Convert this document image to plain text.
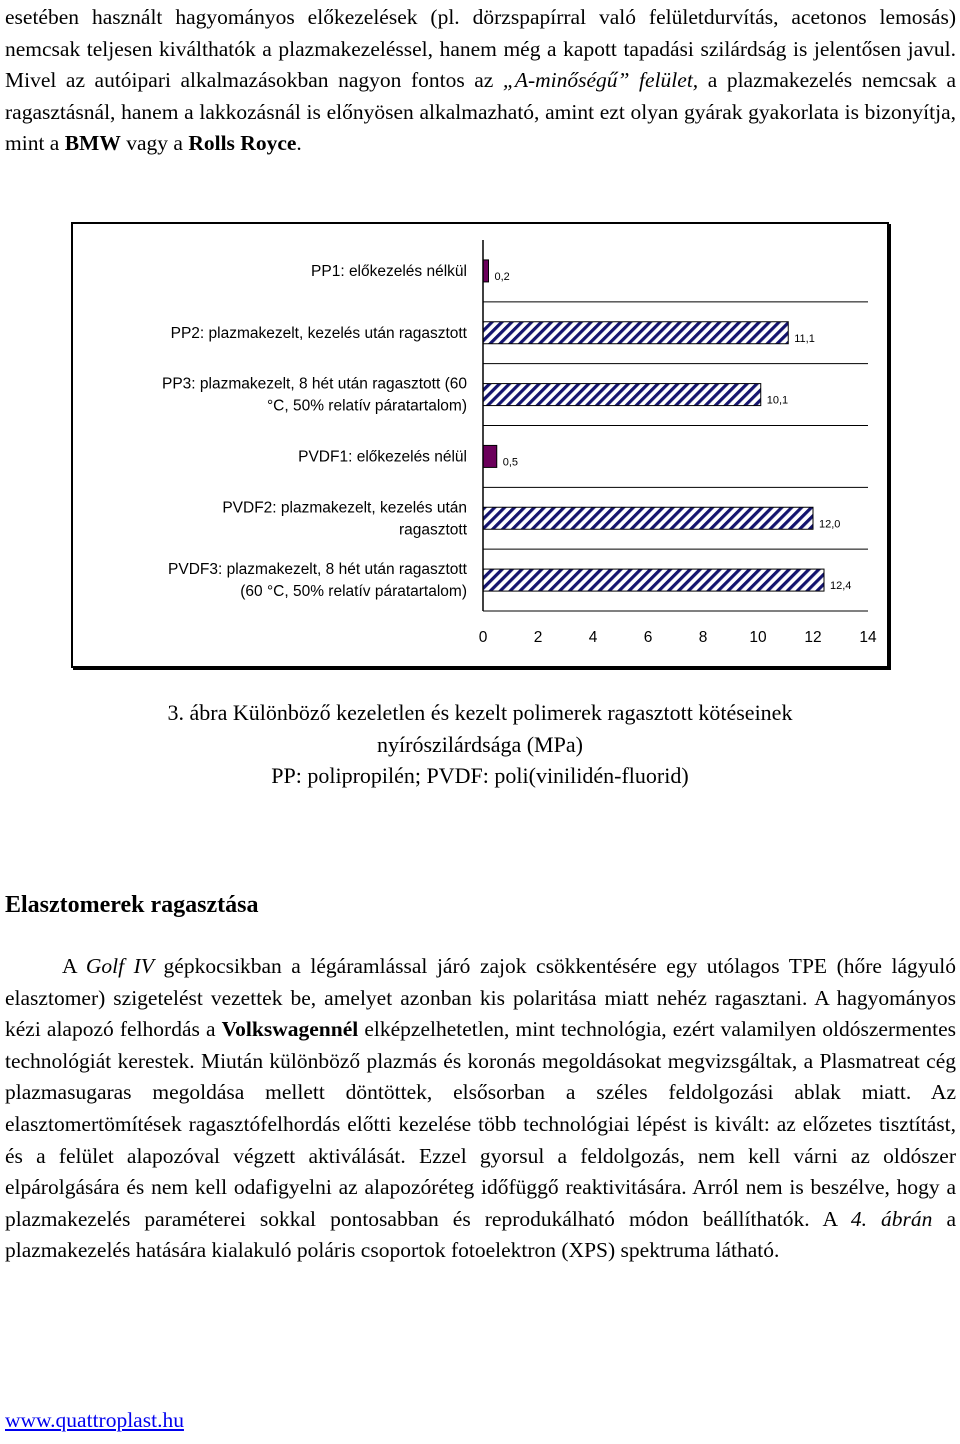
esetében használt hagyományos előkezelések (pl. dörzspapírral való felületdurvítás, acetonos lemosás) nemcsak teljesen kiválthatók a plazmakezeléssel, hanem még a kapott tapadási szilárdság is jelentősen javul. Mivel az autóipari alkalmazásokban nagyon fontos az „A-minőségű” felület, a plazmakezelés nemcsak a ragasztásnál, hanem a lakkozásnál is előnyösen alkalmazható, amint ezt olyan gyárak gyakorlata is bizonyítja, mint a BMW vagy a Rolls Royce.

0,2
PP1: előkezelés nélkül
11,1
PP2: plazmakezelt, kezelés után ragasztott
10,1
PP3: plazmakezelt, 8 hét után ragasztott (60
°C, 50% relatív páratartalom)
0,5
PVDF1: előkezelés nélül
12,0
PVDF2: plazmakezelt, kezelés után
ragasztott
12,4
PVDF3: plazmakezelt, 8 hét után ragasztott
(60 °C, 50% relatív páratartalom)
0	2	4	6	8	10 12 14

3. ábra Különböző kezeletlen és kezelt polimerek ragasztott kötéseinek

nyírószilárdsága (MPa)

PP: polipropilén; PVDF: poli(vinilidén-fluorid)

Elasztomerek ragasztása

A Golf IV gépkocsikban a légáramlással járó zajok csökkentésére egy utólagos TPE (hőre lágyuló elasztomer) szigetelést vezettek be, amelyet azonban kis polaritása miatt nehéz ragasztani. A hagyományos kézi alapozó felhordás a Volkswagennél elképzelhetetlen, mint technológia, ezért valamilyen oldószermentes technológiát kerestek. Miután különböző plazmás és koronás megoldásokat megvizsgáltak, a Plasmatreat cég plazmasugaras megoldása mellett döntöttek, elsősorban a széles feldolgozási ablak miatt. Az elasztomertömítések ragasztófelhordás előtti kezelése több technológiai lépést is kivált: az előzetes tisztítást, és a felület alapozóval végzett aktiválását. Ezzel gyorsul a feldolgozás, nem kell várni az oldószer elpárolgására és nem kell odafigyelni az alapozóréteg időfüggő reaktivitására. Arról nem is beszélve, hogy a plazmakezelés paraméterei sokkal pontosabban és reprodukálható módon beállíthatók. A 4. ábrán a plazmakezelés hatására kialakuló poláris csoportok fotoelektron (XPS) spektruma látható.

www.quattroplast.hu
